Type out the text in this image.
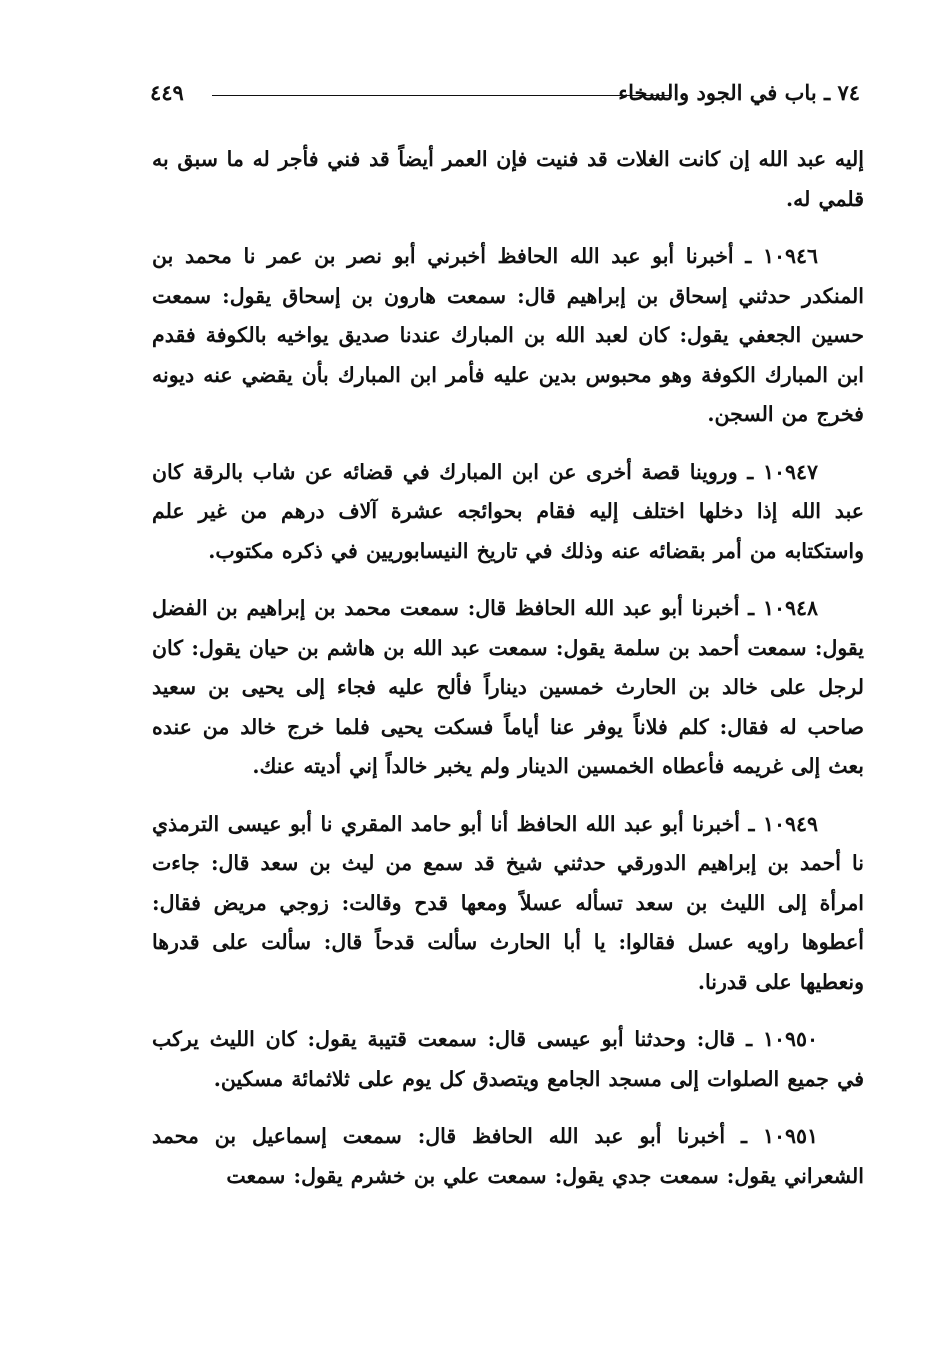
٧٤ ـ باب في الجود والسخاء
٤٤٩

إليه عبد الله إن كانت الغلات قد فنيت فإن العمر أيضاً قد فني فأجر له ما سبق به قلمي له.

١٠٩٤٦ ـ أخبرنا أبو عبد الله الحافظ أخبرني أبو نصر بن عمر نا محمد بن المنكدر حدثني إسحاق بن إبراهيم قال: سمعت هارون بن إسحاق يقول: سمعت حسين الجعفي يقول: كان لعبد الله بن المبارك عندنا صديق يواخيه بالكوفة فقدم ابن المبارك الكوفة وهو محبوس بدين عليه فأمر ابن المبارك بأن يقضي عنه ديونه فخرج من السجن.

١٠٩٤٧ ـ وروينا قصة أخرى عن ابن المبارك في قضائه عن شاب بالرقة كان عبد الله إذا دخلها اختلف إليه فقام بحوائجه عشرة آلاف درهم من غير علم واستكتابه من أمر بقضائه عنه وذلك في تاريخ النيسابوريين في ذكره مكتوب.

١٠٩٤٨ ـ أخبرنا أبو عبد الله الحافظ قال: سمعت محمد بن إبراهيم بن الفضل يقول: سمعت أحمد بن سلمة يقول: سمعت عبد الله بن هاشم بن حيان يقول: كان لرجل على خالد بن الحارث خمسين ديناراً فألح عليه فجاء إلى يحيى بن سعيد صاحب له فقال: كلم فلاناً يوفر عنا أياماً فسكت يحيى فلما خرج خالد من عنده بعث إلى غريمه فأعطاه الخمسين الدينار ولم يخبر خالداً إني أديته عنك.

١٠٩٤٩ ـ أخبرنا أبو عبد الله الحافظ أنا أبو حامد المقري نا أبو عيسى الترمذي نا أحمد بن إبراهيم الدورقي حدثني شيخ قد سمع من ليث بن سعد قال: جاءت امرأة إلى الليث بن سعد تسأله عسلاً ومعها قدح وقالت: زوجي مريض فقال: أعطوها راويه عسل فقالوا: يا أبا الحارث سألت قدحاً قال: سألت على قدرها ونعطيها على قدرنا.

١٠٩٥٠ ـ قال: وحدثنا أبو عيسى قال: سمعت قتيبة يقول: كان الليث يركب في جميع الصلوات إلى مسجد الجامع ويتصدق كل يوم على ثلاثمائة مسكين.

١٠٩٥١ ـ أخبرنا أبو عبد الله الحافظ قال: سمعت إسماعيل بن محمد الشعراني يقول: سمعت جدي يقول: سمعت علي بن خشرم يقول: سمعت
